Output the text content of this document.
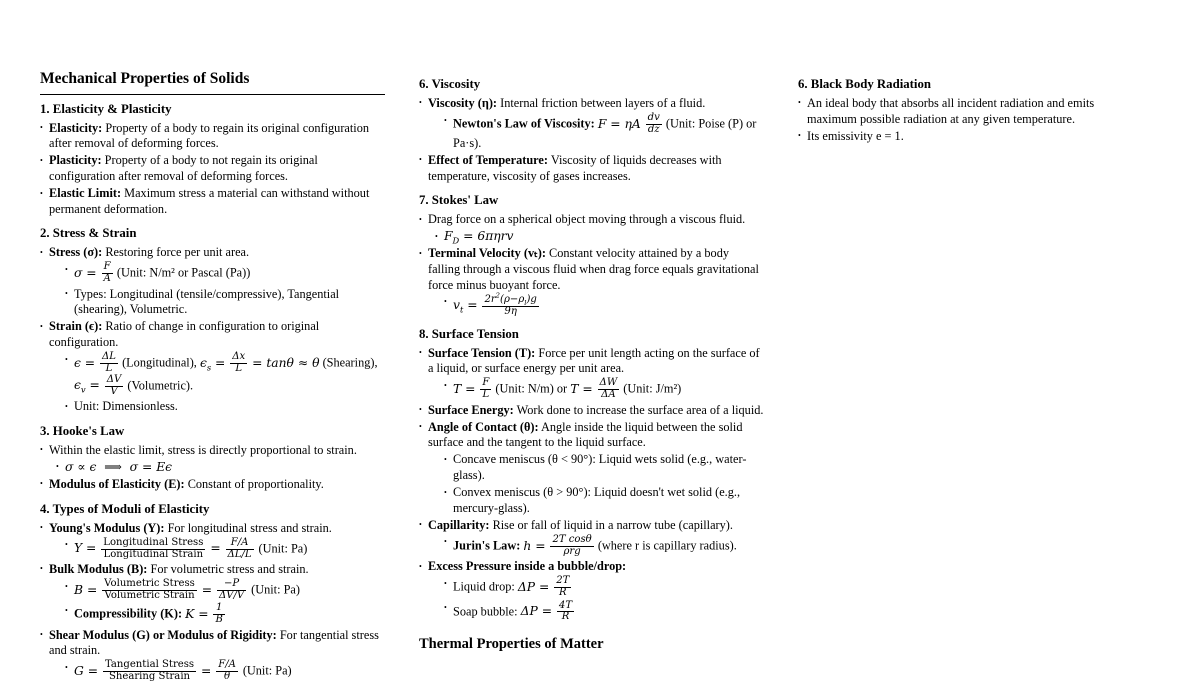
Mechanical Properties of Solids
1. Elasticity & Plasticity
• Elasticity: Property of a body to regain its original configuration after removal of deforming forces.
• Plasticity: Property of a body to not regain its original configuration after removal of deforming forces.
• Elastic Limit: Maximum stress a material can withstand without permanent deformation.
2. Stress & Strain
• Stress (σ): Restoring force per unit area.
• $\sigma = \frac{F}{A}$ (Unit: N/m² or Pascal (Pa))
• Types: Longitudinal (tensile/compressive), Tangential (shearing), Volumetric.
• Strain (ϵ): Ratio of change in configuration to original configuration.
• $\epsilon = \frac{\Delta L}{L}$ (Longitudinal), $\epsilon_s = \frac{\Delta x}{L} = \tan\theta \approx \theta$ (Shearing), $\epsilon_v = \frac{\Delta V}{V}$ (Volumetric).
• Unit: Dimensionless.
3. Hooke's Law
• Within the elastic limit, stress is directly proportional to strain.
• σ ∝ ϵ  ⟹  σ = Eϵ
• Modulus of Elasticity (E): Constant of proportionality.
4. Types of Moduli of Elasticity
• Young's Modulus (Y): For longitudinal stress and strain.
• $Y = \frac{\text{Longitudinal Stress}}{\text{Longitudinal Strain}} = \frac{F/A}{\Delta L/L}$ (Unit: Pa)
• Bulk Modulus (B): For volumetric stress and strain.
• $B = \frac{\text{Volumetric Stress}}{\text{Volumetric Strain}} = \frac{-P}{\Delta V/V}$ (Unit: Pa)
• Compressibility (K): $K = \frac{1}{B}$
• Shear Modulus (G) or Modulus of Rigidity: For tangential stress and strain.
• $G = \frac{\text{Tangential Stress}}{\text{Shearing Strain}} = \frac{F/A}{\theta}$ (Unit: Pa)
6. Viscosity
• Viscosity (η): Internal friction between layers of a fluid.
• Newton's Law of Viscosity: F = ηA $\frac{dv}{dz}$ (Unit: Poise (P) or Pa·s).
• Effect of Temperature: Viscosity of liquids decreases with temperature, viscosity of gases increases.
7. Stokes' Law
• Drag force on a spherical object moving through a viscous fluid.
• $F_D = 6\pi\eta rv$
• Terminal Velocity (vₜ): Constant velocity attained by a body falling through a viscous fluid when drag force equals gravitational force minus buoyant force.
• $v_t = \frac{2r^2(\rho-\rho_l)g}{9\eta}$
8. Surface Tension
• Surface Tension (T): Force per unit length acting on the surface of a liquid, or surface energy per unit area.
• $T = \frac{F}{L}$ (Unit: N/m) or $T = \frac{\Delta W}{\Delta A}$ (Unit: J/m²)
• Surface Energy: Work done to increase the surface area of a liquid.
• Angle of Contact (θ): Angle inside the liquid between the solid surface and the tangent to the liquid surface.
• Concave meniscus (θ < 90°): Liquid wets solid (e.g., water-glass).
• Convex meniscus (θ > 90°): Liquid doesn't wet solid (e.g., mercury-glass).
• Capillarity: Rise or fall of liquid in a narrow tube (capillary).
• Jurin's Law: $h = \frac{\text{2T cosθ}}{\text{ρrg}}$ (where r is capillary radius).
• Excess Pressure inside a bubble/drop:
• Liquid drop: $\Delta P = \frac{2T}{R}$
• Soap bubble: $\Delta P = \frac{4T}{R}$
Thermal Properties of Matter
6. Black Body Radiation
• An ideal body that absorbs all incident radiation and emits maximum possible radiation at any given temperature.
• Its emissivity e = 1.
